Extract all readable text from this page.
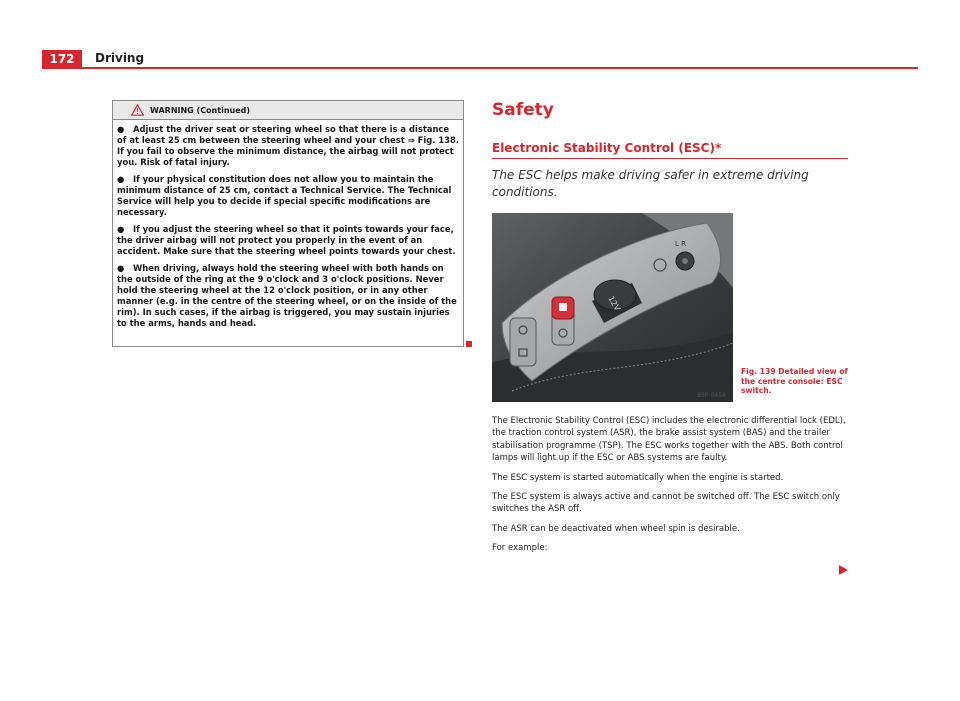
172	Driving
WARNING (Continued)

● Adjust the driver seat or steering wheel so that there is a distance of at least 25 cm between the steering wheel and your chest ⇒ Fig. 138. If you fail to observe the minimum distance, the airbag will not protect you. Risk of fatal injury.

● If your physical constitution does not allow you to maintain the minimum distance of 25 cm, contact a Technical Service. The Technical Service will help you to decide if special specific modifications are necessary.

● If you adjust the steering wheel so that it points towards your face, the driver airbag will not protect you properly in the event of an accident. Make sure that the steering wheel points towards your chest.

● When driving, always hold the steering wheel with both hands on the outside of the ring at the 9 o'clock and 3 o'clock positions. Never hold the steering wheel at the 12 o'clock position, or in any other manner (e.g. in the centre of the steering wheel, or on the inside of the rim). In such cases, if the airbag is triggered, you may sustain injuries to the arms, hands and head.

Safety
Electronic Stability Control (ESC)*
The ESC helps make driving safer in extreme driving conditions.
12V
L R
B5P-0458
Fig. 139 Detailed view of the centre console: ESC switch.

The Electronic Stability Control (ESC) includes the electronic differential lock (EDL), the traction control system (ASR), the brake assist system (BAS) and the trailer stabilisation programme (TSP). The ESC works together with the ABS. Both control lamps will light up if the ESC or ABS systems are faulty.

The ESC system is started automatically when the engine is started.

The ESC system is always active and cannot be switched off. The ESC switch only switches the ASR off.

The ASR can be deactivated when wheel spin is desirable.

For example:
